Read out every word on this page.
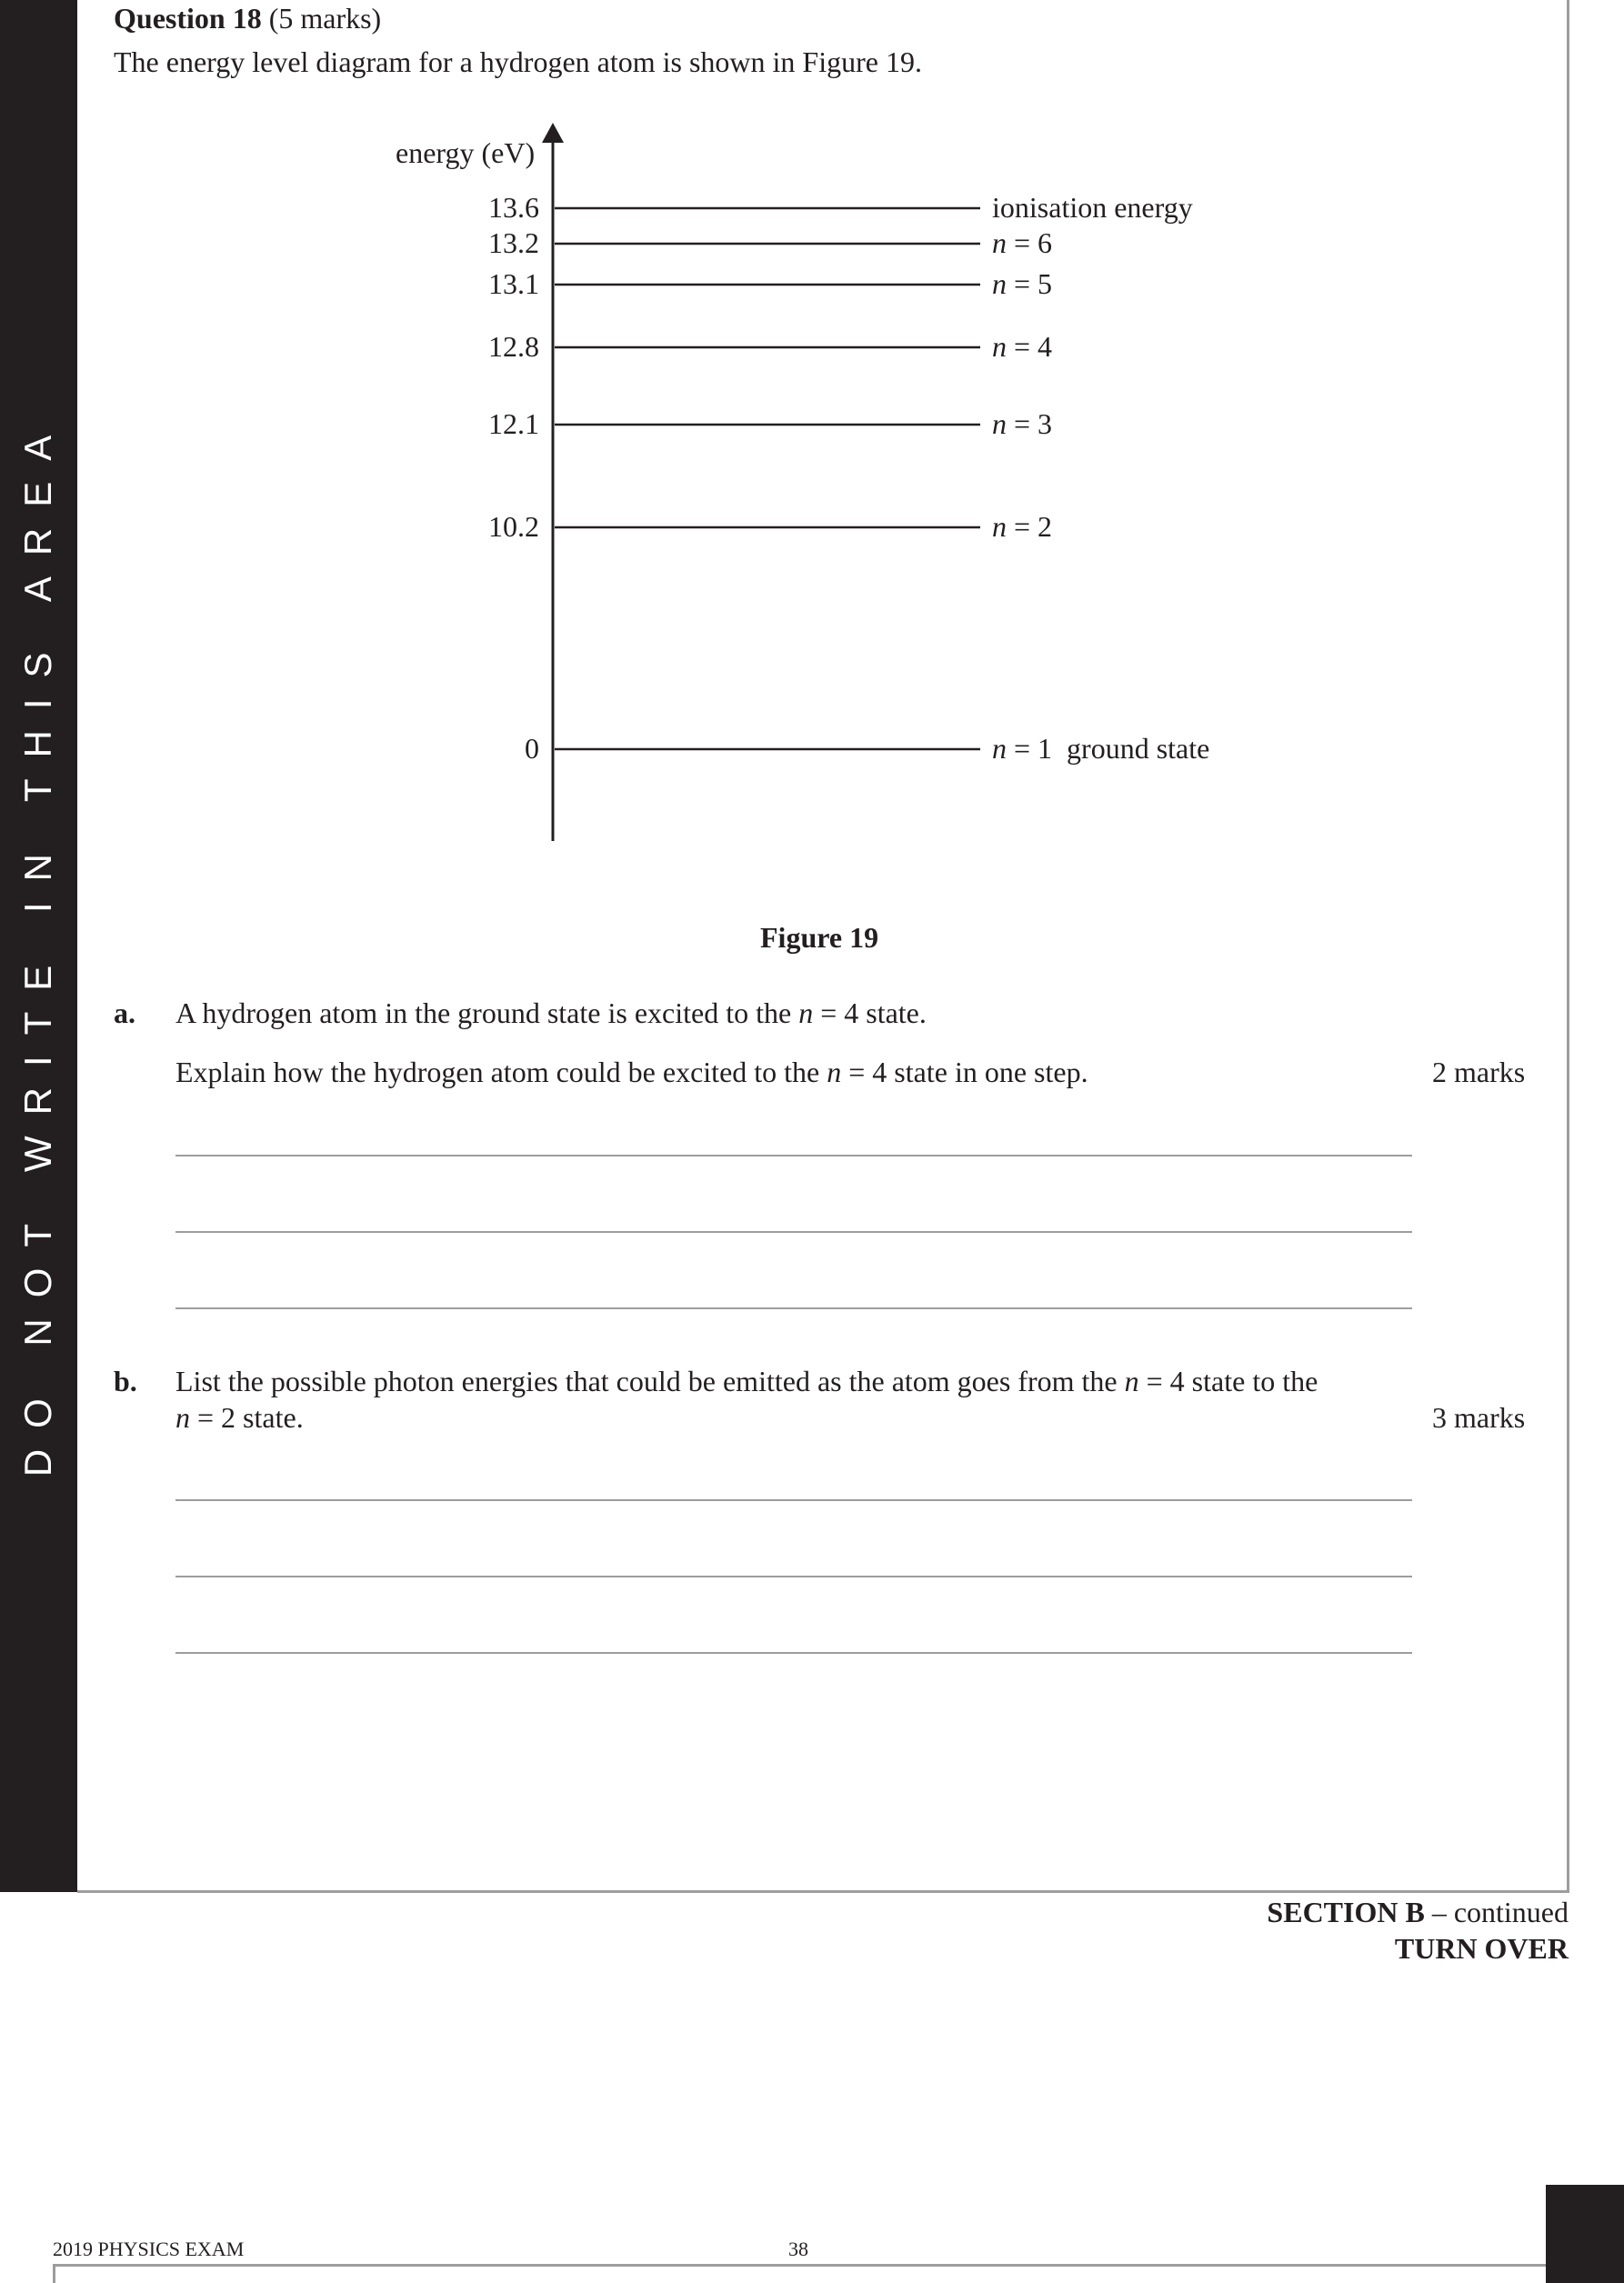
DO NOT WRITE IN THIS AREA
Question 18 (5 marks)
The energy level diagram for a hydrogen atom is shown in Figure 19.
energy (eV)
13.6	ionisation energy
13.2	n = 6
13.1	n = 5
12.8	n = 4
12.1	n = 3
10.2	n = 2
0	n = 1  ground state
Figure 19
a. A hydrogen atom in the ground state is excited to the n = 4 state.
Explain how the hydrogen atom could be excited to the n = 4 state in one step.	2 marks
b. List the possible photon energies that could be emitted as the atom goes from the n = 4 state to the
n = 2 state.	3 marks
SECTION B – continued
TURN OVER
2019 PHYSICS EXAM	38
